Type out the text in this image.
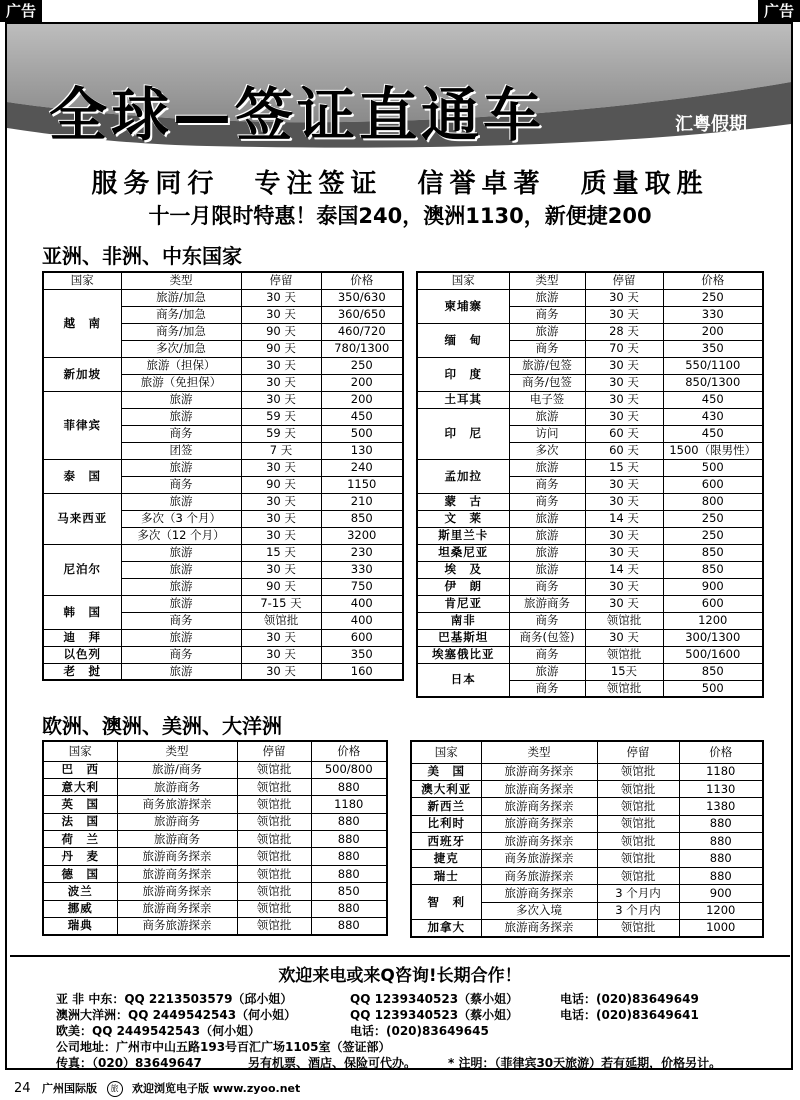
广告	广告
全球—签证直通车	汇粤假期
服务同行 专注签证 信誉卓著 质量取胜
十一月限时特惠！泰国240，澳洲1130，新便捷200
亚洲、非洲、中东国家
欧洲、澳洲、美洲、大洋洲
国家	类型	停留	价格
越　南	旅游/加急	30 天	350/630
	商务/加急	30 天	360/650
	商务/加急	90 天	460/720
	多次/加急	90 天	780/1300
新加坡	旅游（担保）	30 天	250
	旅游（免担保）	30 天	200
菲律宾	旅游	30 天	200
	旅游	59 天	450
	商务	59 天	500
	团签	7 天	130
泰　国	旅游	30 天	240
	商务	90 天	1150
马来西亚	旅游	30 天	210
	多次（3 个月）	30 天	850
	多次（12 个月）	30 天	3200
尼泊尔	旅游	15 天	230
	旅游	30 天	330
	旅游	90 天	750
韩　国	旅游	7-15 天	400
	商务	领馆批	400
迪　拜	旅游	30 天	600
以色列	商务	30 天	350
老　挝	旅游	30 天	160
国家	类型	停留	价格
柬埔寨	旅游	30 天	250
	商务	30 天	330
缅　甸	旅游	28 天	200
	商务	70 天	350
印　度	旅游/包签	30 天	550/1100
	商务/包签	30 天	850/1300
土耳其	电子签	30 天	450
印　尼	旅游	30 天	430
	访问	60 天	450
	多次	60 天	1500（限男性）
孟加拉	旅游	15 天	500
	商务	30 天	600
蒙　古	商务	30 天	800
文　莱	旅游	14 天	250
斯里兰卡	旅游	30 天	250
坦桑尼亚	旅游	30 天	850
埃　及	旅游	14 天	850
伊　朗	商务	30 天	900
肯尼亚	旅游商务	30 天	600
南非	商务	领馆批	1200
巴基斯坦	商务(包签)	30 天	300/1300
埃塞俄比亚	商务	领馆批	500/1600
日本	旅游	15天	850
	商务	领馆批	500
国家	类型	停留	价格
巴　西	旅游/商务	领馆批	500/800
意大利	旅游商务	领馆批	880
英　国	商务旅游探亲	领馆批	1180
法　国	旅游商务	领馆批	880
荷　兰	旅游商务	领馆批	880
丹　麦	旅游商务探亲	领馆批	880
德　国	旅游商务探亲	领馆批	880
波兰	旅游商务探亲	领馆批	850
挪威	旅游商务探亲	领馆批	880
瑞典	商务旅游探亲	领馆批	880
国家	类型	停留	价格
美　国	旅游商务探亲	领馆批	1180
澳大利亚	旅游商务探亲	领馆批	1130
新西兰	旅游商务探亲	领馆批	1380
比利时	旅游商务探亲	领馆批	880
西班牙	旅游商务探亲	领馆批	880
捷克	商务旅游探亲	领馆批	880
瑞士	商务旅游探亲	领馆批	880
智　利	旅游商务探亲	3 个月内	900
	多次入境	3 个月内	1200
加拿大	旅游商务探亲	领馆批	1000
欢迎来电或来Q咨询!长期合作！
亚 非 中东：QQ 2213503579（邱小姐）	QQ 1239340523（蔡小姐）	电话：(020)83649649
澳洲大洋洲：QQ 2449542543（何小姐）	QQ 1239340523（蔡小姐）	电话：(020)83649641
欧美：QQ 2449542543（何小姐）	电话：(020)83649645
公司地址：广州市中山五路193号百汇广场1105室（签证部）
传真：（020）83649647	另有机票、酒店、保险可代办。	* 注明：（菲律宾30天旅游）若有延期，价格另计。
24 广州国际版 旅 欢迎浏览电子版 www.zyoo.net
